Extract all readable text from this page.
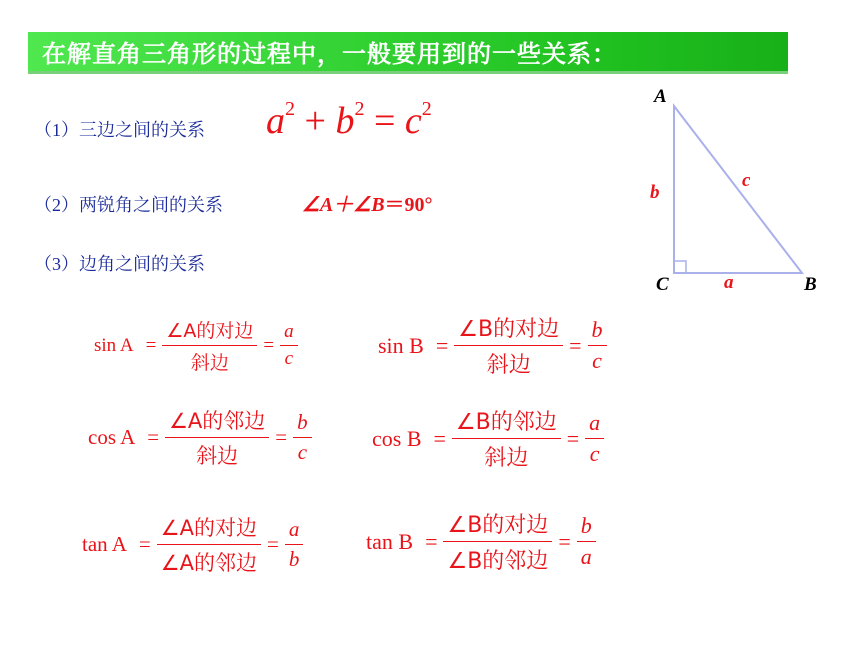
在解直角三角形的过程中，一般要用到的一些关系：
（1）三边之间的关系 $a^2 + b^2 = c^2$
（2）两锐角之间的关系	∠A＋∠B＝90°
（3）边角之间的关系
$\sin A = \frac{\text{∠A的对边}}{\text{斜边}} = \frac{a}{c}$	$\sin B = \frac{\text{∠B的对边}}{\text{斜边}} = \frac{b}{c}$
$\cos A = \frac{\text{∠A的邻边}}{\text{斜边}} = \frac{b}{c}$	$\cos B = \frac{\text{∠B的邻边}}{\text{斜边}} = \frac{a}{c}$
$\tan A = \frac{\text{∠A的对边}}{\text{∠A的邻边}} = \frac{a}{b}$	$\tan B = \frac{\text{∠B的对边}}{\text{∠B的邻边}} = \frac{b}{a}$
A
C	B
b
c
a
